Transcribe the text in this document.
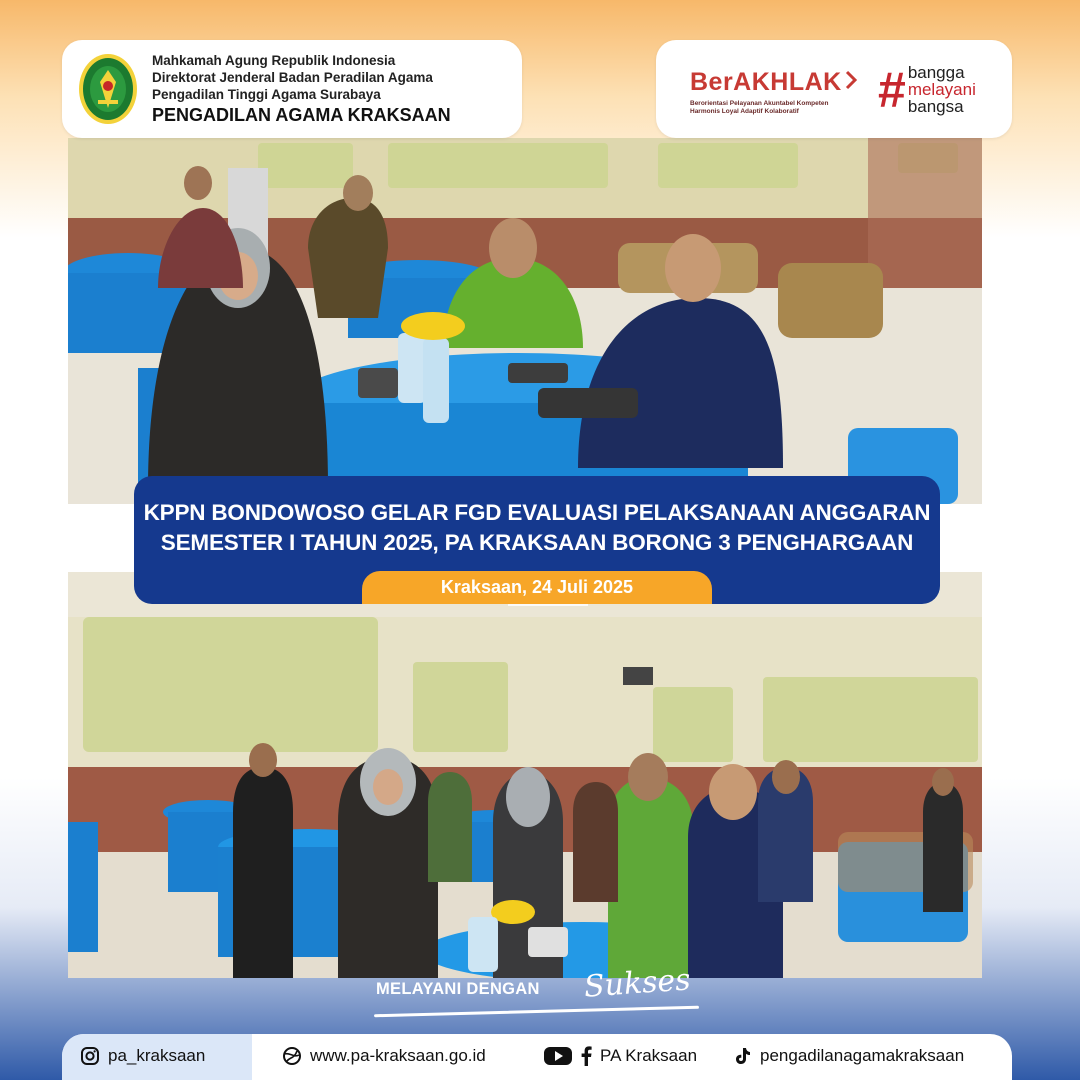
Mahkamah Agung Republik Indonesia
Direktorat Jenderal Badan Peradilan Agama
Pengadilan Tinggi Agama Surabaya
PENGADILAN AGAMA KRAKSAAN
BerAKHLAK
Berorientasi Pelayanan Akuntabel Kompeten
Harmonis Loyal Adaptif Kolaboratif	# bangga
melayani
bangsa
KPPN BONDOWOSO GELAR FGD EVALUASI PELAKSANAAN ANGGARAN
SEMESTER I TAHUN 2025, PA KRAKSAAN BORONG 3 PENGHARGAAN
Kraksaan, 24 Juli 2025
MELAYANI DENGAN Sukses
pa_kraksaan	www.pa-kraksaan.go.id	PA Kraksaan	pengadilanagamakraksaan
